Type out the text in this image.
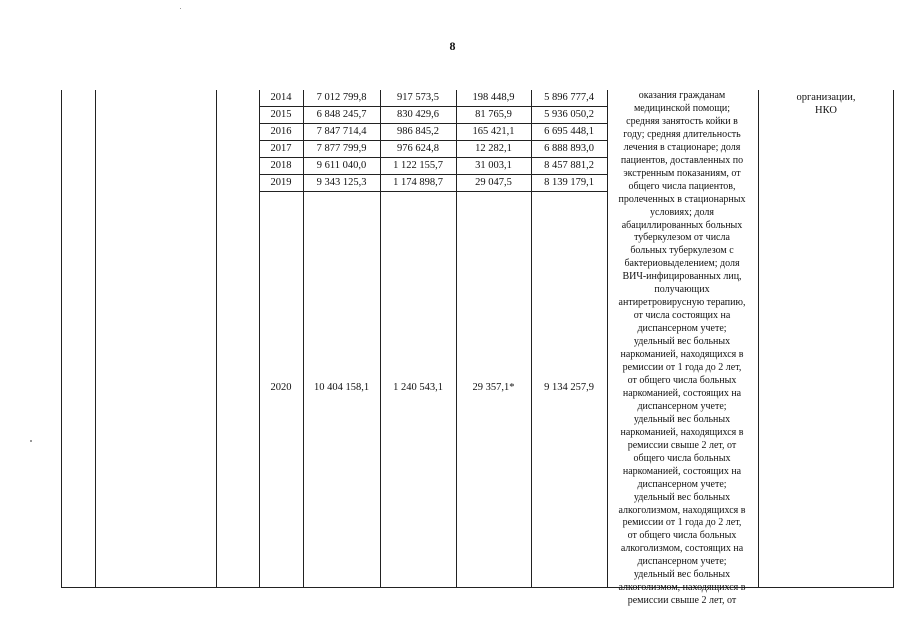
8
2014	7 012 799,8	917 573,5	198 448,9	5 896 777,4
2015	6 848 245,7	830 429,6	81 765,9	5 936 050,2
2016	7 847 714,4	986 845,2	165 421,1	6 695 448,1
2017	7 877 799,9	976 624,8	12 282,1	6 888 893,0
2018	9 611 040,0	1 122 155,7	31 003,1	8 457 881,2
2019	9 343 125,3	1 174 898,7	29 047,5	8 139 179,1
2020	10 404 158,1	1 240 543,1	29 357,1*	9 134 257,9
оказания гражданам
медицинской помощи;
средняя занятость койки в
году; средняя длительность
лечения в стационаре; доля
пациентов, доставленных по
экстренным показаниям, от
общего числа пациентов,
пролеченных в стационарных
условиях; доля
абациллированных больных
туберкулезом от числа
больных туберкулезом с
бактериовыделением; доля
ВИЧ-инфицированных лиц,
получающих
антиретровирусную терапию,
от числа состоящих на
диспансерном учете;
удельный вес больных
наркоманией, находящихся в
ремиссии от 1 года до 2 лет,
от общего числа больных
наркоманией, состоящих на
диспансерном учете;
удельный вес больных
наркоманией, находящихся в
ремиссии свыше 2 лет, от
общего числа больных
наркоманией, состоящих на
диспансерном учете;
удельный вес больных
алкоголизмом, находящихся в
ремиссии от 1 года до 2 лет,
от общего числа больных
алкоголизмом, состоящих на
диспансерном учете;
удельный вес больных
алкоголизмом, находящихся в
ремиссии свыше 2 лет, от
организации,
НКО
